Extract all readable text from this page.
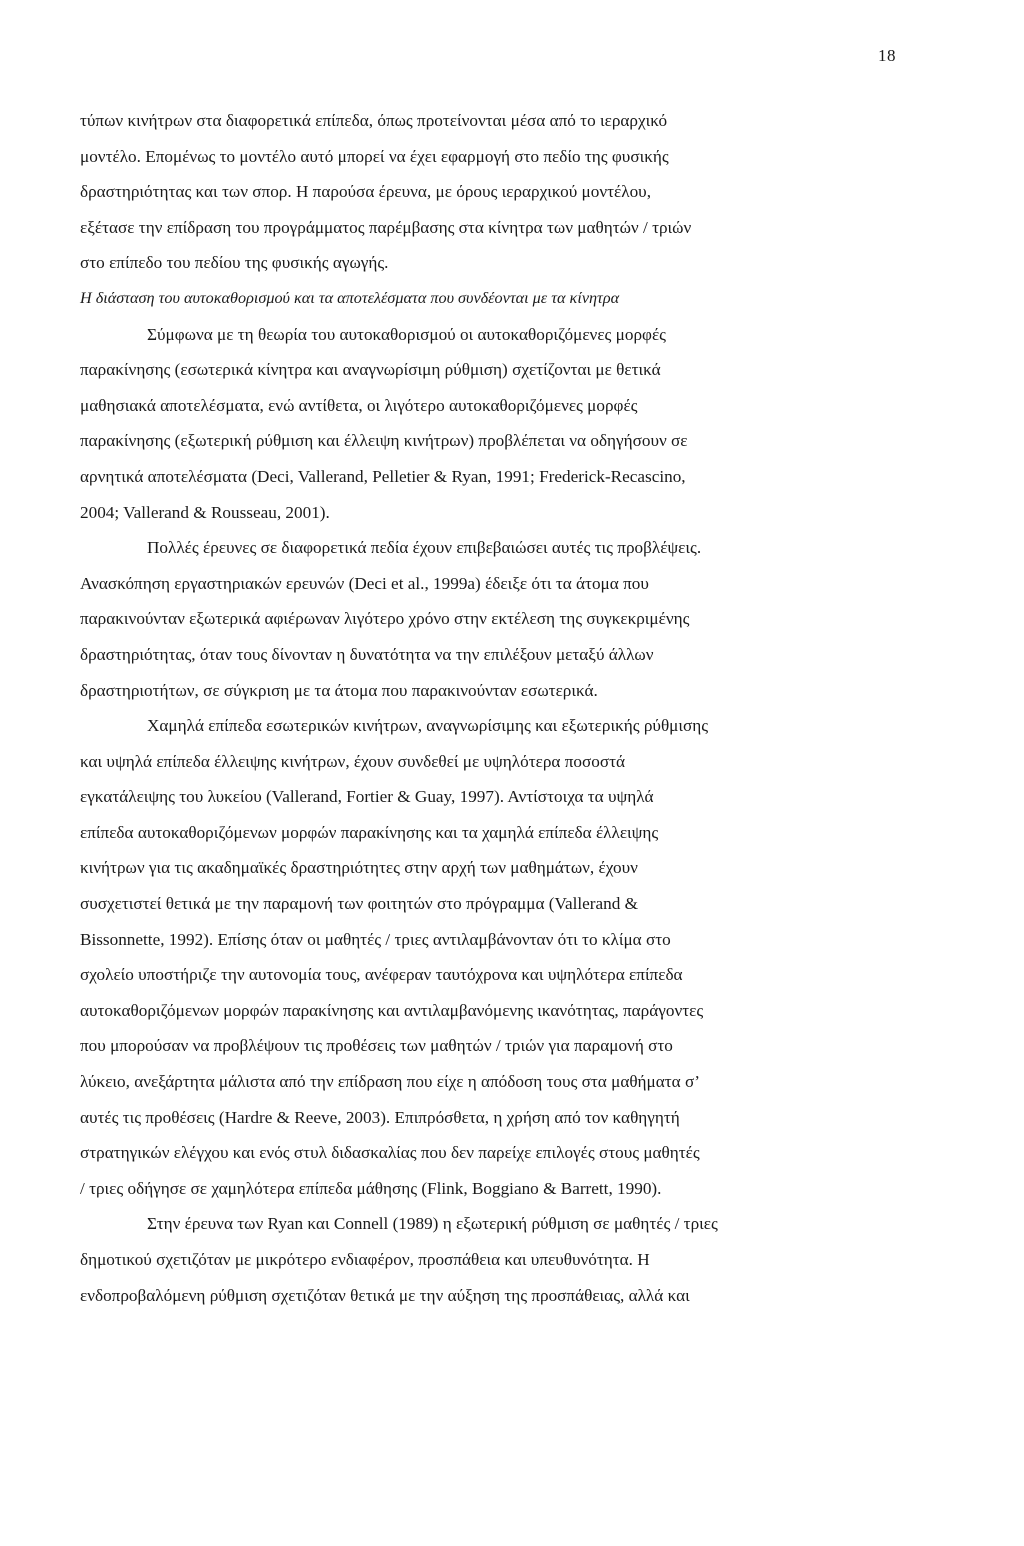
18
τύπων κινήτρων στα διαφορετικά επίπεδα, όπως προτείνονται μέσα από το ιεραρχικό
μοντέλο. Επομένως το μοντέλο αυτό μπορεί να έχει εφαρμογή στο πεδίο της φυσικής
δραστηριότητας και των σπορ. Η παρούσα έρευνα, με όρους ιεραρχικού μοντέλου,
εξέτασε την επίδραση του προγράμματος παρέμβασης στα κίνητρα των μαθητών / τριών
στο επίπεδο του πεδίου της φυσικής αγωγής.
Η διάσταση του αυτοκαθορισμού και τα αποτελέσματα που συνδέονται με τα κίνητρα
Σύμφωνα με τη θεωρία του αυτοκαθορισμού οι αυτοκαθοριζόμενες μορφές
παρακίνησης (εσωτερικά κίνητρα και αναγνωρίσιμη ρύθμιση) σχετίζονται με θετικά
μαθησιακά αποτελέσματα, ενώ αντίθετα, οι λιγότερο αυτοκαθοριζόμενες μορφές
παρακίνησης (εξωτερική ρύθμιση και έλλειψη κινήτρων) προβλέπεται να οδηγήσουν σε
αρνητικά αποτελέσματα (Deci, Vallerand, Pelletier & Ryan, 1991; Frederick-Recascino,
2004; Vallerand & Rousseau, 2001).
Πολλές έρευνες σε διαφορετικά πεδία έχουν επιβεβαιώσει αυτές τις προβλέψεις.
Ανασκόπηση εργαστηριακών ερευνών (Deci et al., 1999a) έδειξε ότι τα άτομα που
παρακινούνταν εξωτερικά αφιέρωναν λιγότερο χρόνο στην εκτέλεση της συγκεκριμένης
δραστηριότητας, όταν τους δίνονταν η δυνατότητα να την επιλέξουν μεταξύ άλλων
δραστηριοτήτων, σε σύγκριση με τα άτομα που παρακινούνταν εσωτερικά.
Χαμηλά επίπεδα εσωτερικών κινήτρων, αναγνωρίσιμης και εξωτερικής ρύθμισης
και υψηλά επίπεδα έλλειψης κινήτρων, έχουν συνδεθεί με υψηλότερα ποσοστά
εγκατάλειψης του λυκείου (Vallerand, Fortier & Guay, 1997). Αντίστοιχα τα υψηλά
επίπεδα αυτοκαθοριζόμενων μορφών παρακίνησης και τα χαμηλά επίπεδα έλλειψης
κινήτρων για τις ακαδημαϊκές δραστηριότητες στην αρχή των μαθημάτων, έχουν
συσχετιστεί θετικά με την παραμονή των φοιτητών στο πρόγραμμα (Vallerand &
Bissonnette, 1992). Επίσης όταν οι μαθητές / τριες αντιλαμβάνονταν ότι το κλίμα στο
σχολείο υποστήριζε την αυτονομία τους, ανέφεραν ταυτόχρονα και υψηλότερα επίπεδα
αυτοκαθοριζόμενων μορφών παρακίνησης και αντιλαμβανόμενης ικανότητας, παράγοντες
που μπορούσαν να προβλέψουν τις προθέσεις των μαθητών / τριών για παραμονή στο
λύκειο, ανεξάρτητα μάλιστα από την επίδραση που είχε η απόδοση τους στα μαθήματα σ’
αυτές τις προθέσεις (Hardre & Reeve, 2003). Επιπρόσθετα, η χρήση από τον καθηγητή
στρατηγικών ελέγχου και ενός στυλ διδασκαλίας που δεν παρείχε επιλογές στους μαθητές
/ τριες οδήγησε σε χαμηλότερα επίπεδα μάθησης (Flink, Boggiano & Barrett, 1990).
Στην έρευνα των Ryan και Connell (1989) η εξωτερική ρύθμιση σε μαθητές / τριες
δημοτικού σχετιζόταν με μικρότερο ενδιαφέρον, προσπάθεια και υπευθυνότητα. Η
ενδοπροβαλόμενη ρύθμιση σχετιζόταν θετικά με την αύξηση της προσπάθειας, αλλά και
